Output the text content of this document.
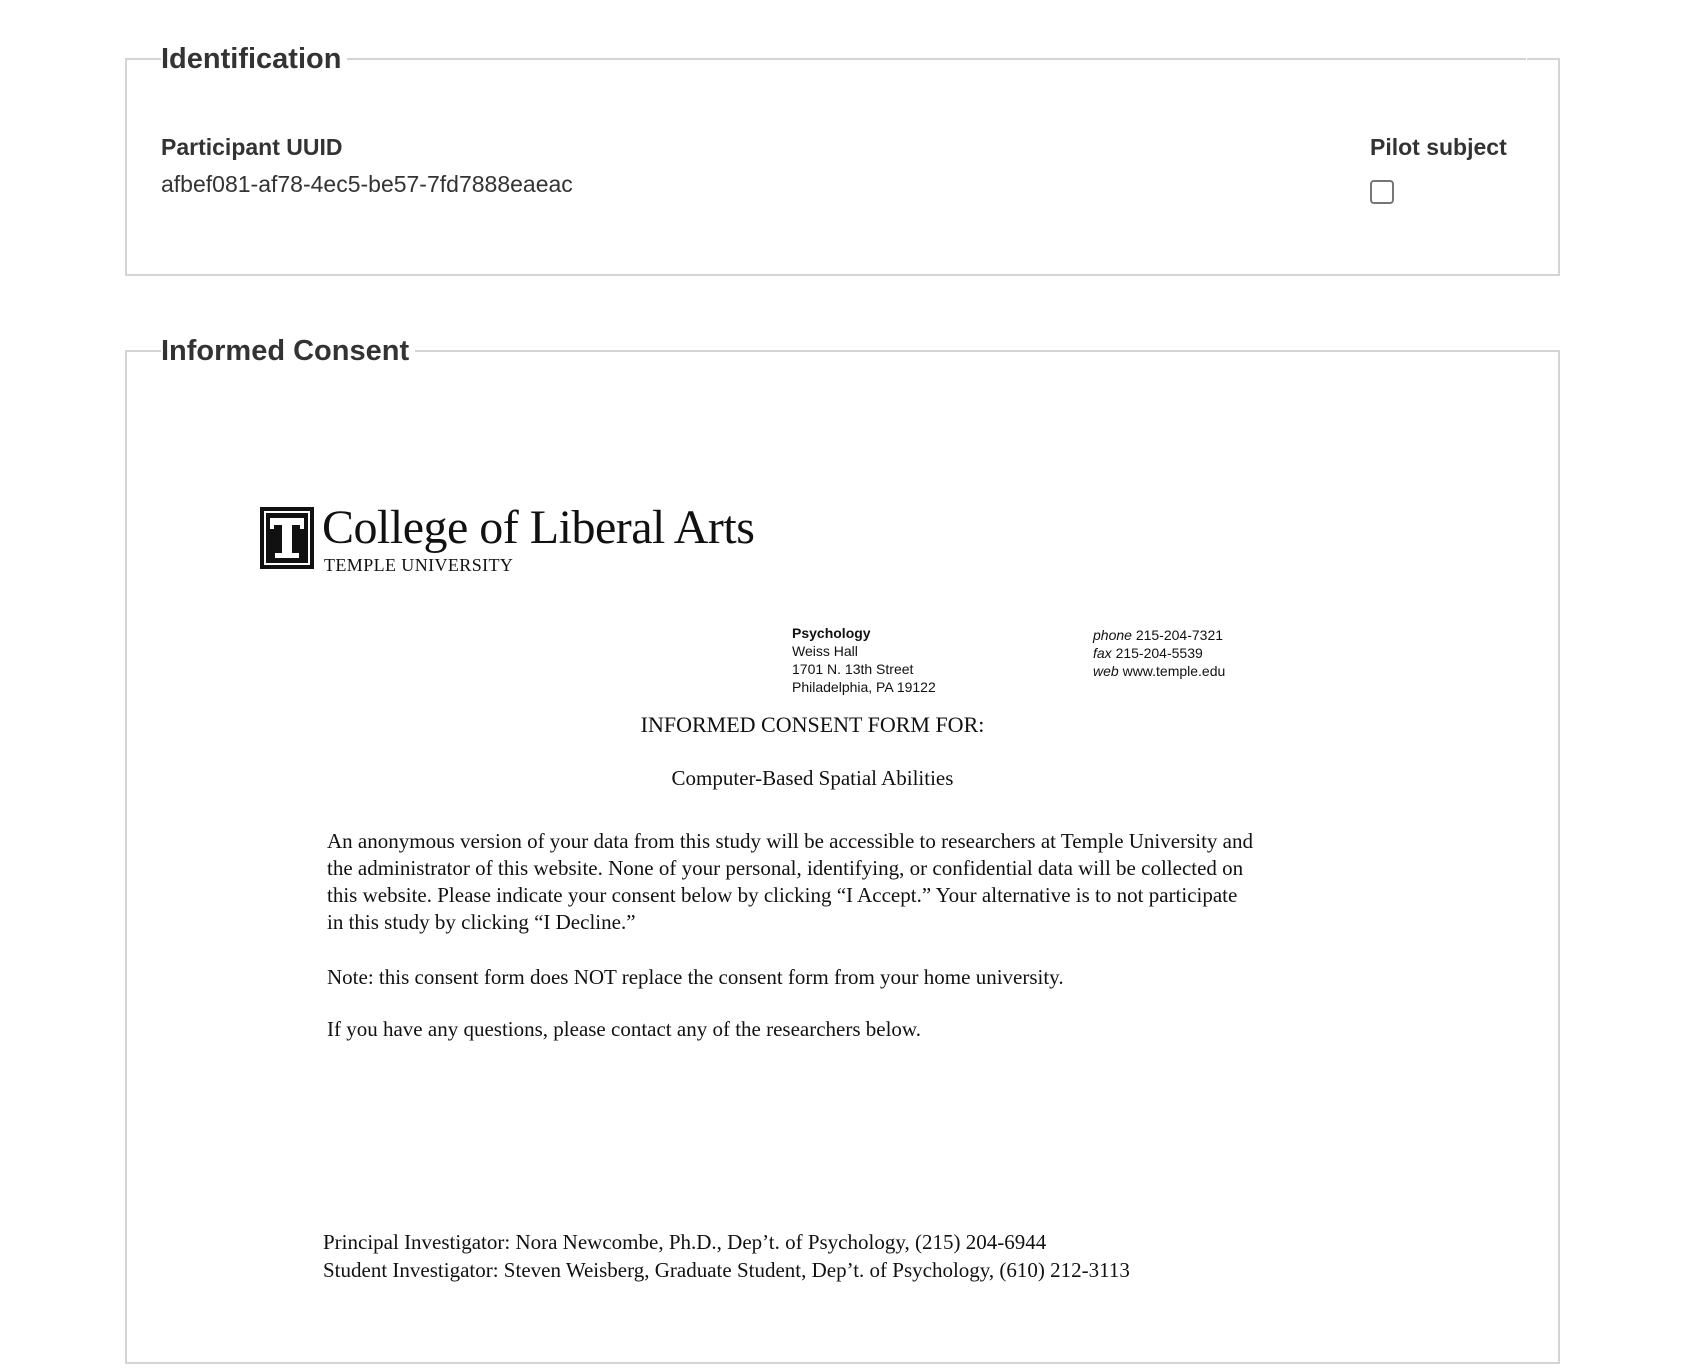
Identification
Participant UUID
afbef081-af78-4ec5-be57-7fd7888eaeac
Pilot subject
Informed Consent
College of Liberal Arts
TEMPLE UNIVERSITY
Psychology
Weiss Hall
1701 N. 13th Street
Philadelphia, PA 19122
phone 215-204-7321
fax 215-204-5539
web www.temple.edu
INFORMED CONSENT FORM FOR:
Computer-Based Spatial Abilities
An anonymous version of your data from this study will be accessible to researchers at Temple University and the administrator of this website. None of your personal, identifying, or confidential data will be collected on this website. Please indicate your consent below by clicking “I Accept.” Your alternative is to not participate in this study by clicking “I Decline.”
Note: this consent form does NOT replace the consent form from your home university.
If you have any questions, please contact any of the researchers below.
Principal Investigator: Nora Newcombe, Ph.D., Dep’t. of Psychology, (215) 204-6944
Student Investigator: Steven Weisberg, Graduate Student, Dep’t. of Psychology, (610) 212-3113
